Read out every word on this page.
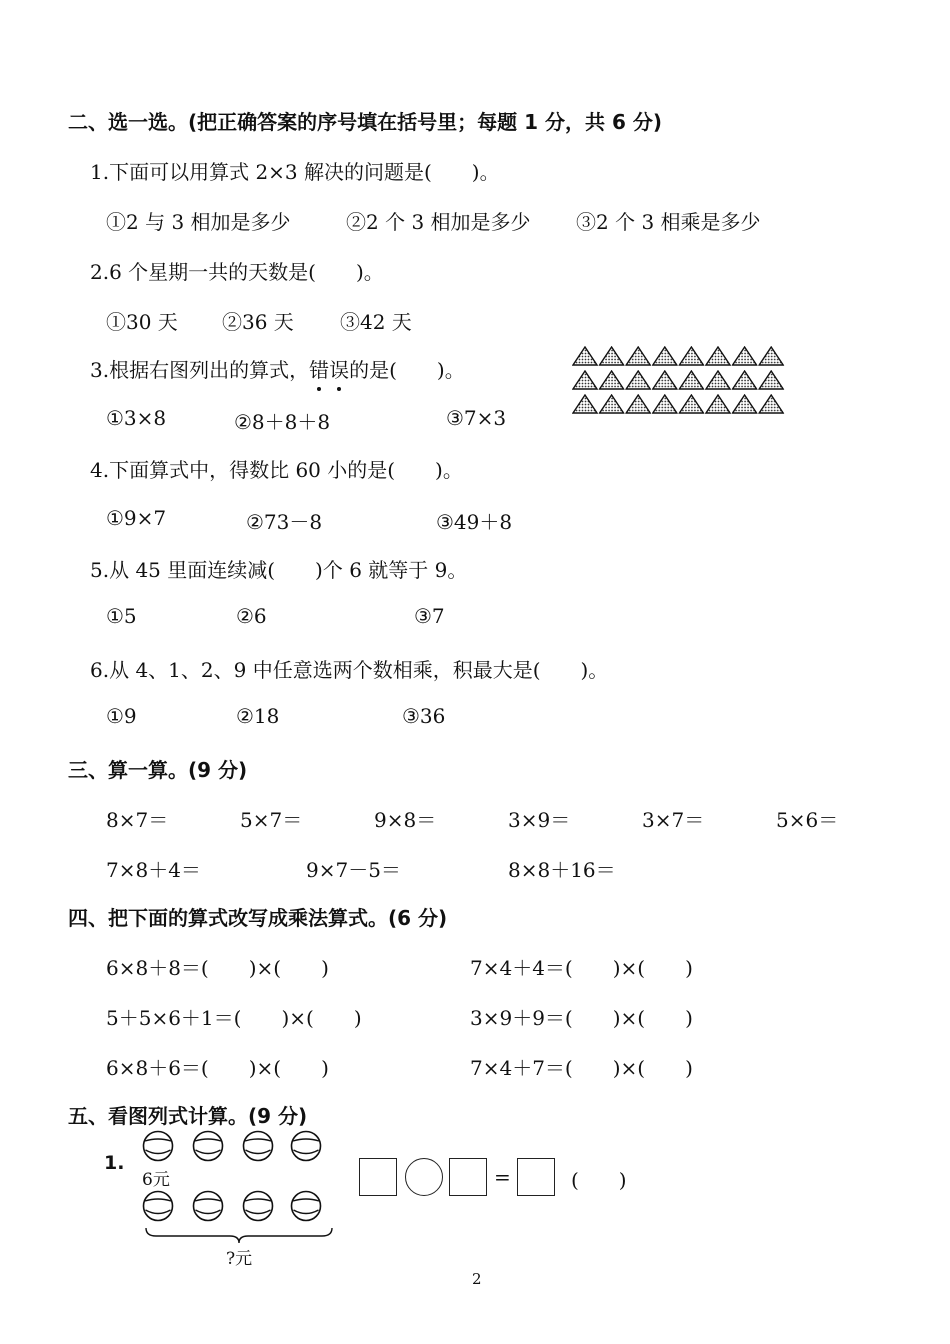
二、选一选。(把正确答案的序号填在括号里；每题 1 分，共 6 分)
1.下面可以用算式 2×3 解决的问题是(　　)。
①2 与 3 相加是多少	②2 个 3 相加是多少 ③2 个 3 相乘是多少
2.6 个星期一共的天数是(　　)。
①30 天 ②36 天 ③42 天
3.根据右图列出的算式，错误的是(　　)。
①3×8	②8＋8＋8	③7×3
4.下面算式中，得数比 60 小的是(　　)。
①9×7	②73－8	③49＋8
5.从 45 里面连续减(　　)个 6 就等于 9。
①5	②6	③7
6.从 4、1、2、9 中任意选两个数相乘，积最大是(　　)。
①9	②18	③36
三、算一算。(9 分)
8×7＝	5×7＝	9×8＝	3×9＝	3×7＝	5×6＝
7×8＋4＝	9×7－5＝	8×8＋16＝
四、把下面的算式改写成乘法算式。(6 分)
6×8＋8＝(　　)×(　　)	7×4＋4＝(　　)×(　　)
5＋5×6＋1＝(　　)×(　　)	3×9＋9＝(　　)×(　　)
6×8＋6＝(　　)×(　　)	7×4＋7＝(　　)×(　　)
五、看图列式计算。(9 分)
1.
6元
?元
=	(　　)
2
